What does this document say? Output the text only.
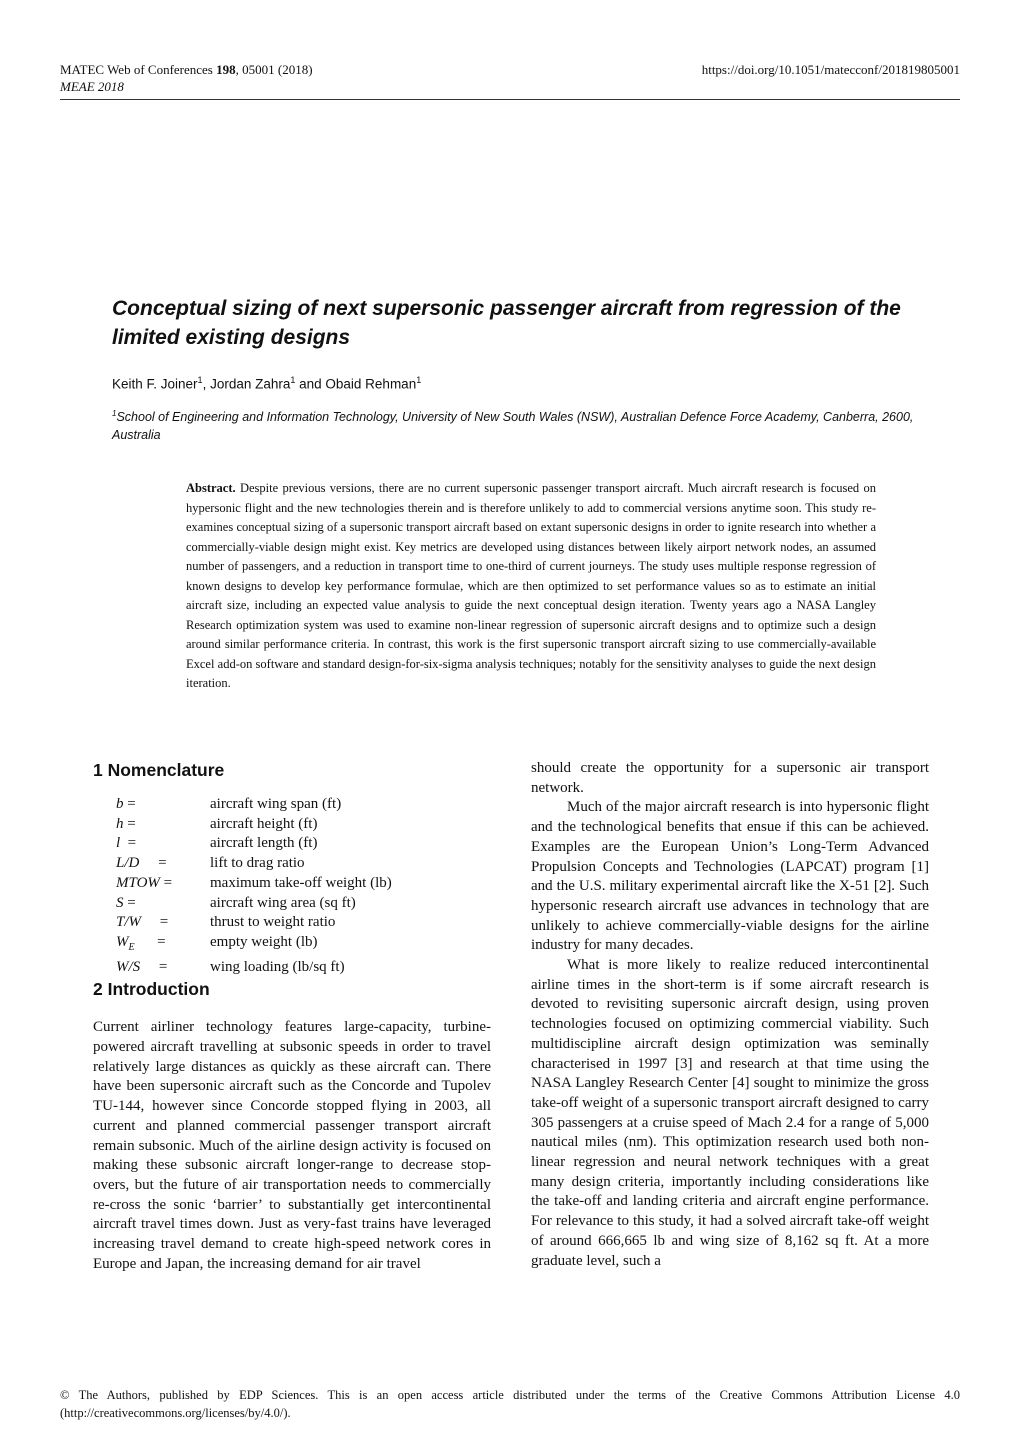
MATEC Web of Conferences 198, 05001 (2018)
MEAE 2018
https://doi.org/10.1051/matecconf/201819805001
Conceptual sizing of next supersonic passenger aircraft from regression of the limited existing designs
Keith F. Joiner$^1$, Jordan Zahra$^1$ and Obaid Rehman$^1$
$^1$School of Engineering and Information Technology, University of New South Wales (NSW), Australian Defence Force Academy, Canberra, 2600, Australia
Abstract. Despite previous versions, there are no current supersonic passenger transport aircraft. Much aircraft research is focused on hypersonic flight and the new technologies therein and is therefore unlikely to add to commercial versions anytime soon. This study re-examines conceptual sizing of a supersonic transport aircraft based on extant supersonic designs in order to ignite research into whether a commercially-viable design might exist. Key metrics are developed using distances between likely airport network nodes, an assumed number of passengers, and a reduction in transport time to one-third of current journeys. The study uses multiple response regression of known designs to develop key performance formulae, which are then optimized to set performance values so as to estimate an initial aircraft size, including an expected value analysis to guide the next conceptual design iteration. Twenty years ago a NASA Langley Research optimization system was used to examine non-linear regression of supersonic aircraft designs and to optimize such a design around similar performance criteria. In contrast, this work is the first supersonic transport aircraft sizing to use commercially-available Excel add-on software and standard design-for-six-sigma analysis techniques; notably for the sensitivity analyses to guide the next design iteration.
1 Nomenclature
b =	aircraft wing span (ft)
h =	aircraft height (ft)
l  =	aircraft length (ft)
L/D     =	lift to drag ratio
MTOW =	maximum take-off weight (lb)
S =	aircraft wing area (sq ft)
T/W     =	thrust to weight ratio
$W_E$      =	empty weight (lb)
W/S     =	wing loading (lb/sq ft)
2 Introduction
Current airliner technology features large-capacity, turbine-powered aircraft travelling at subsonic speeds in order to travel relatively large distances as quickly as these aircraft can. There have been supersonic aircraft such as the Concorde and Tupolev TU-144, however since Concorde stopped flying in 2003, all current and planned commercial passenger transport aircraft remain subsonic. Much of the airline design activity is focused on making these subsonic aircraft longer-range to decrease stop-overs, but the future of air transportation needs to commercially re-cross the sonic ‘barrier’ to substantially get intercontinental aircraft travel times down. Just as very-fast trains have leveraged increasing travel demand to create high-speed network cores in Europe and Japan, the increasing demand for air travel

should create the opportunity for a supersonic air transport network.

Much of the major aircraft research is into hypersonic flight and the technological benefits that ensue if this can be achieved. Examples are the European Union’s Long-Term Advanced Propulsion Concepts and Technologies (LAPCAT) program [1] and the U.S. military experimental aircraft like the X-51 [2]. Such hypersonic research aircraft use advances in technology that are unlikely to achieve commercially-viable designs for the airline industry for many decades.

What is more likely to realize reduced intercontinental airline times in the short-term is if some aircraft research is devoted to revisiting supersonic aircraft design, using proven technologies focused on optimizing commercial viability. Such multidiscipline aircraft design optimization was seminally characterised in 1997 [3] and research at that time using the NASA Langley Research Center [4] sought to minimize the gross take-off weight of a supersonic transport aircraft designed to carry 305 passengers at a cruise speed of Mach 2.4 for a range of 5,000 nautical miles (nm). This optimization research used both non-linear regression and neural network techniques with a great many design criteria, importantly including considerations like the take-off and landing criteria and aircraft engine performance. For relevance to this study, it had a solved aircraft take-off weight of around 666,665 lb and wing size of 8,162 sq ft. At a more graduate level, such a

© The Authors, published by EDP Sciences. This is an open access article distributed under the terms of the Creative Commons Attribution License 4.0 (http://creativecommons.org/licenses/by/4.0/).
